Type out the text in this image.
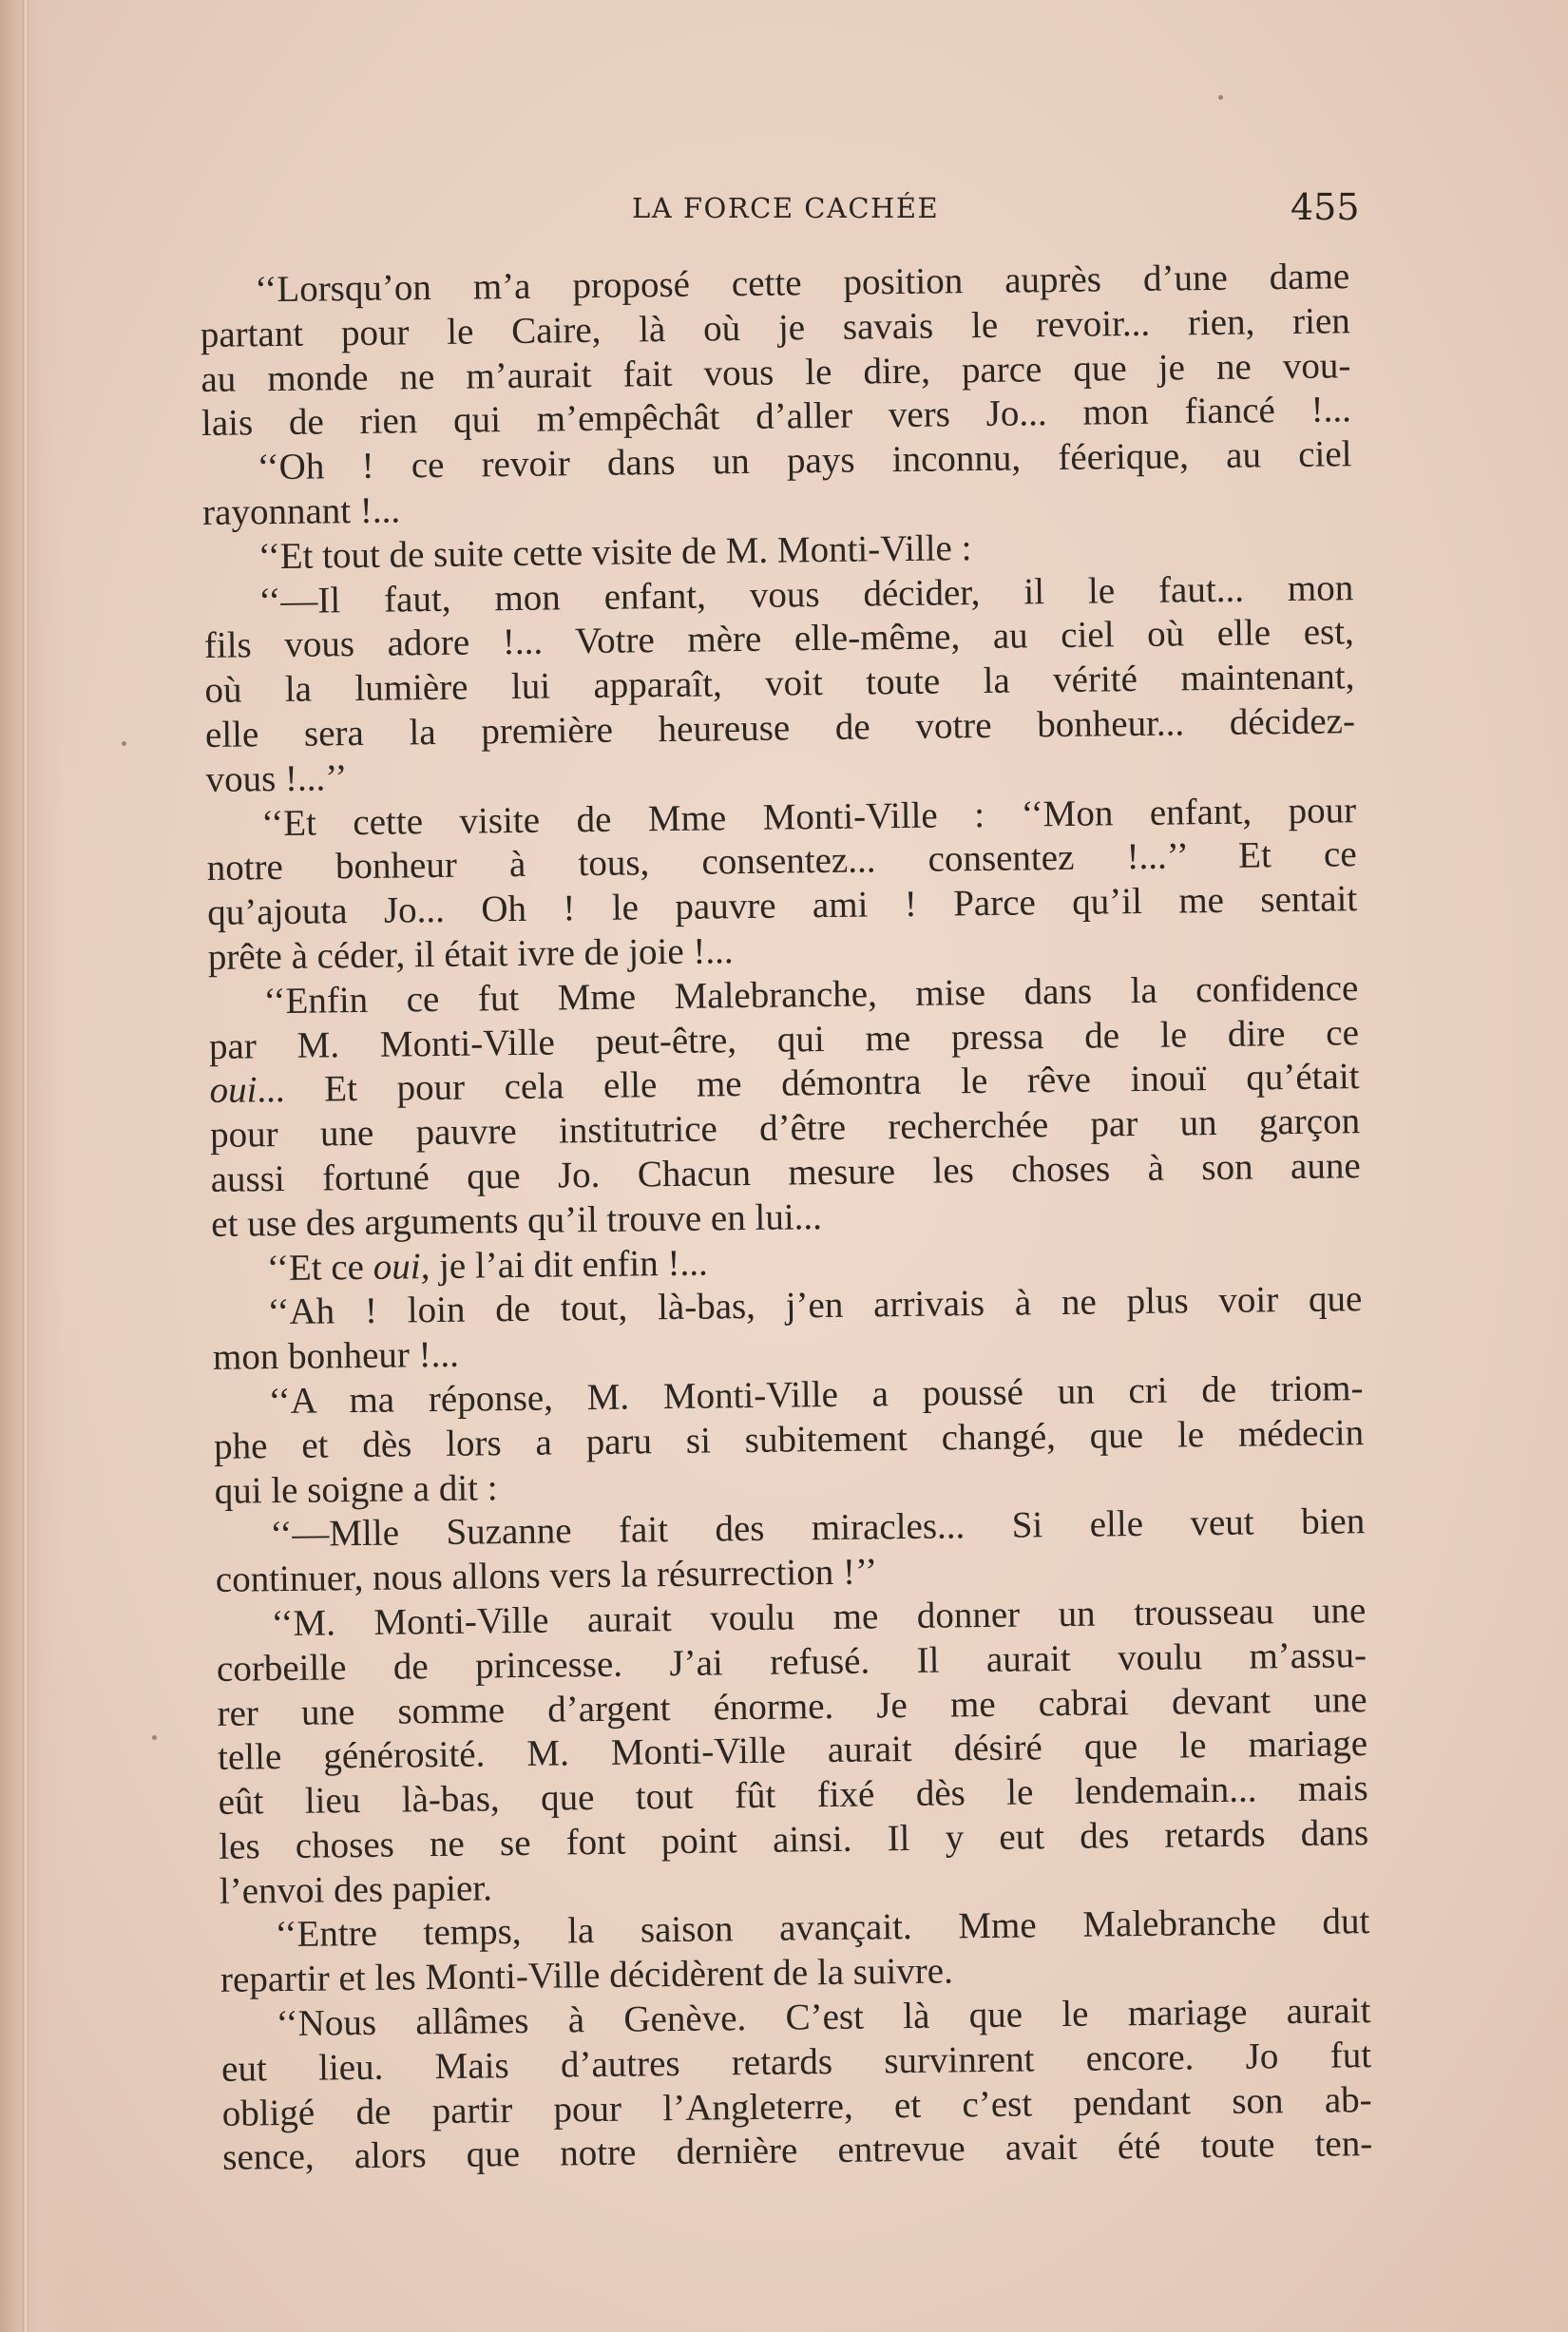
LA FORCE CACHÉE	455
‘‘Lorsqu’on m’a proposé cette position auprès d’une dame
partant pour le Caire, là où je savais le revoir... rien, rien
au monde ne m’aurait fait vous le dire, parce que je ne vou-
lais de rien qui m’empêchât d’aller vers Jo... mon fiancé !...
‘‘Oh ! ce revoir dans un pays inconnu, féerique, au ciel
rayonnant !...
‘‘Et tout de suite cette visite de M. Monti-Ville :
‘‘—Il faut, mon enfant, vous décider, il le faut... mon
fils vous adore !... Votre mère elle-même, au ciel où elle est,
où la lumière lui apparaît, voit toute la vérité maintenant,
elle sera la première heureuse de votre bonheur... décidez-
vous !...’’
‘‘Et cette visite de Mme Monti-Ville : ‘‘Mon enfant, pour
notre bonheur à tous, consentez... consentez !...’’ Et ce
qu’ajouta Jo... Oh ! le pauvre ami ! Parce qu’il me sentait
prête à céder, il était ivre de joie !...
‘‘Enfin ce fut Mme Malebranche, mise dans la confidence
par M. Monti-Ville peut-être, qui me pressa de le dire ce
oui... Et pour cela elle me démontra le rêve inouï qu’était
pour une pauvre institutrice d’être recherchée par un garçon
aussi fortuné que Jo. Chacun mesure les choses à son aune
et use des arguments qu’il trouve en lui...
‘‘Et ce oui, je l’ai dit enfin !...
‘‘Ah ! loin de tout, là-bas, j’en arrivais à ne plus voir que
mon bonheur !...
‘‘A ma réponse, M. Monti-Ville a poussé un cri de triom-
phe et dès lors a paru si subitement changé, que le médecin
qui le soigne a dit :
‘‘—Mlle Suzanne fait des miracles... Si elle veut bien
continuer, nous allons vers la résurrection !’’
‘‘M. Monti-Ville aurait voulu me donner un trousseau une
corbeille de princesse. J’ai refusé. Il aurait voulu m’assu-
rer une somme d’argent énorme. Je me cabrai devant une
telle générosité. M. Monti-Ville aurait désiré que le mariage
eût lieu là-bas, que tout fût fixé dès le lendemain... mais
les choses ne se font point ainsi. Il y eut des retards dans
l’envoi des papier.
‘‘Entre temps, la saison avançait. Mme Malebranche dut
repartir et les Monti-Ville décidèrent de la suivre.
‘‘Nous allâmes à Genève. C’est là que le mariage aurait
eut lieu. Mais d’autres retards survinrent encore. Jo fut
obligé de partir pour l’Angleterre, et c’est pendant son ab-
sence, alors que notre dernière entrevue avait été toute ten-
